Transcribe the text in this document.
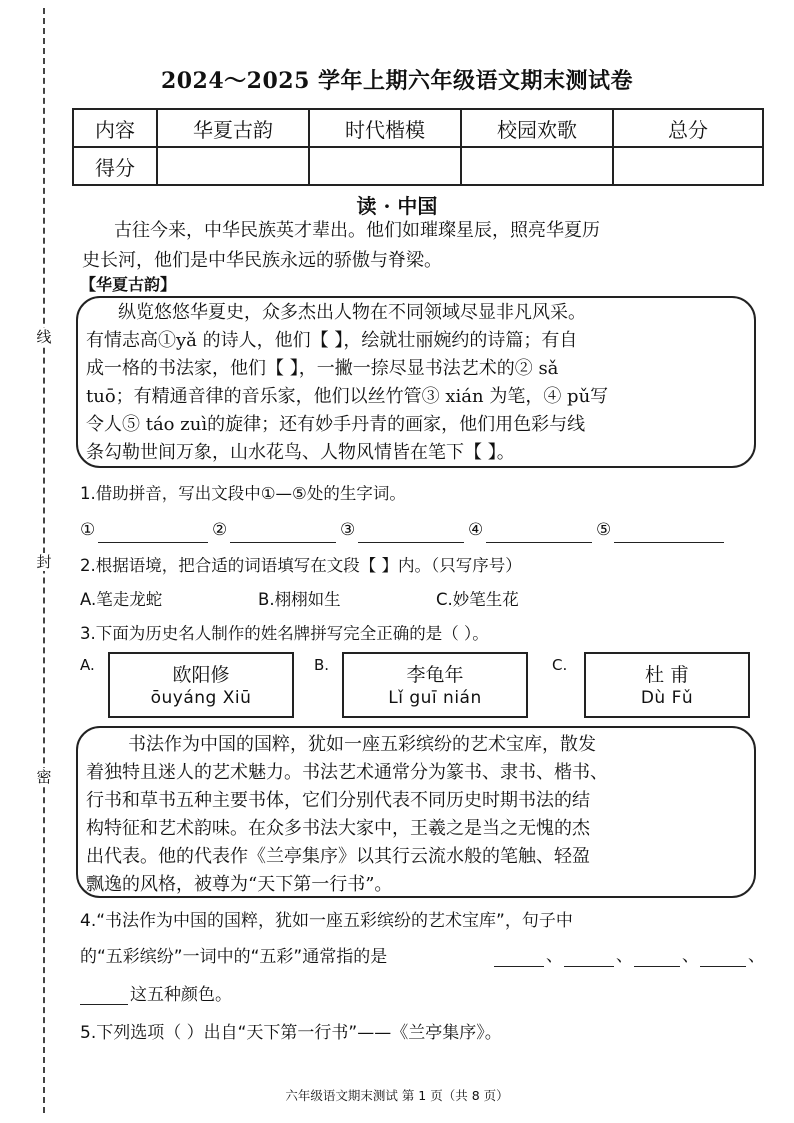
线
封
密
2024～2025 学年上期六年级语文期末测试卷
内容	华夏古韵	时代楷模	校园欢歌	总分
得分				
读 · 中国
古往今来，中华民族英才辈出。他们如璀璨星辰，照亮华夏历
史长河，他们是中华民族永远的骄傲与脊梁。
【华夏古韵】
纵览悠悠华夏史，众多杰出人物在不同领域尽显非凡风采。
有情志高①yǎ 的诗人，他们【 】，绘就壮丽婉约的诗篇；有自
成一格的书法家，他们【 】，一撇一捺尽显书法艺术的② sǎ
tuō；有精通音律的音乐家，他们以丝竹管③ xián 为笔，④ pǔ写
令人⑤ táo zuì的旋律；还有妙手丹青的画家，他们用色彩与线
条勾勒世间万象，山水花鸟、人物风情皆在笔下【 】。
1.借助拼音，写出文段中①—⑤处的生字词。
①	②	③	④	⑤
2.根据语境，把合适的词语填写在文段【 】内。（只写序号）
A.笔走龙蛇	B.栩栩如生	C.妙笔生花
3.下面为历史名人制作的姓名牌拼写完全正确的是（ ）。
A.	欧阳修
ōuyáng Xiū
B.	李龟年
Lǐ guī nián
C.	杜 甫
Dù Fǔ
书法作为中国的国粹，犹如一座五彩缤纷的艺术宝库，散发
着独特且迷人的艺术魅力。书法艺术通常分为篆书、隶书、楷书、
行书和草书五种主要书体，它们分别代表不同历史时期书法的结
构特征和艺术韵味。在众多书法大家中，王羲之是当之无愧的杰
出代表。他的代表作《兰亭集序》以其行云流水般的笔触、轻盈
飘逸的风格，被尊为“天下第一行书”。
4.“书法作为中国的国粹，犹如一座五彩缤纷的艺术宝库”，句子中
的“五彩缤纷”一词中的“五彩”通常指的是	、	、	、	、
这五种颜色。
5.下列选项（ ）出自“天下第一行书”——《兰亭集序》。
六年级语文期末测试 第 1 页（共 8 页）
